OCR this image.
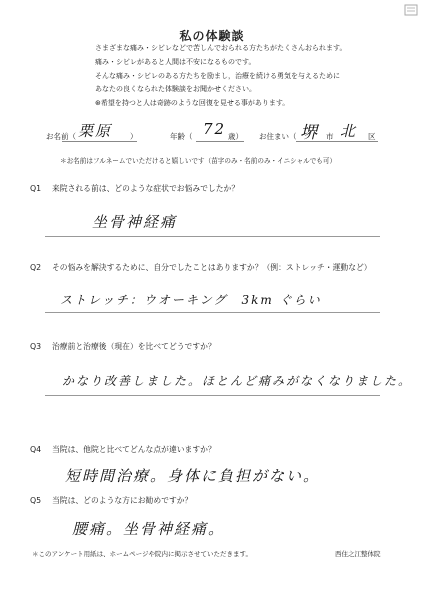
私の体験談
さまざまな痛み・シビレなどで苦しんでおられる方たちがたくさんおられます。
痛み・シビレがあると人間は不安になるものです。
そんな痛み・シビレのある方たちを励まし，治療を続ける勇気を与えるために
あなたの良くなられた体験談をお聞かせください。
⊛希望を持つと人は奇跡のような回復を見せる事があります。
お名前（ 栗原 ）	年齢（ 72 歳） お住まい（ 堺 市 北 区
＊お名前はフルネームでいただけると嬉しいです（苗字のみ・名前のみ・イニシャルでも可）
Q1 来院される前は、どのような症状でお悩みでしたか？
坐骨神経痛
Q2 その悩みを解決するために、自分でしたことはありますか？（例：ストレッチ・運動など）
ストレッチ：ウオーキング　3km ぐらい
Q3 治療前と治療後（現在）を比べてどうですか？
かなり改善しました。ほとんど痛みがなくなりました。
Q4 当院は、他院と比べてどんな点が違いますか？
短時間治療。身体に負担がない。
Q5 当院は、どのような方にお勧めですか？
腰痛。坐骨神経痛。
＊このアンケート用紙は、ホームページや院内に掲示させていただきます。	西住之江整体院
